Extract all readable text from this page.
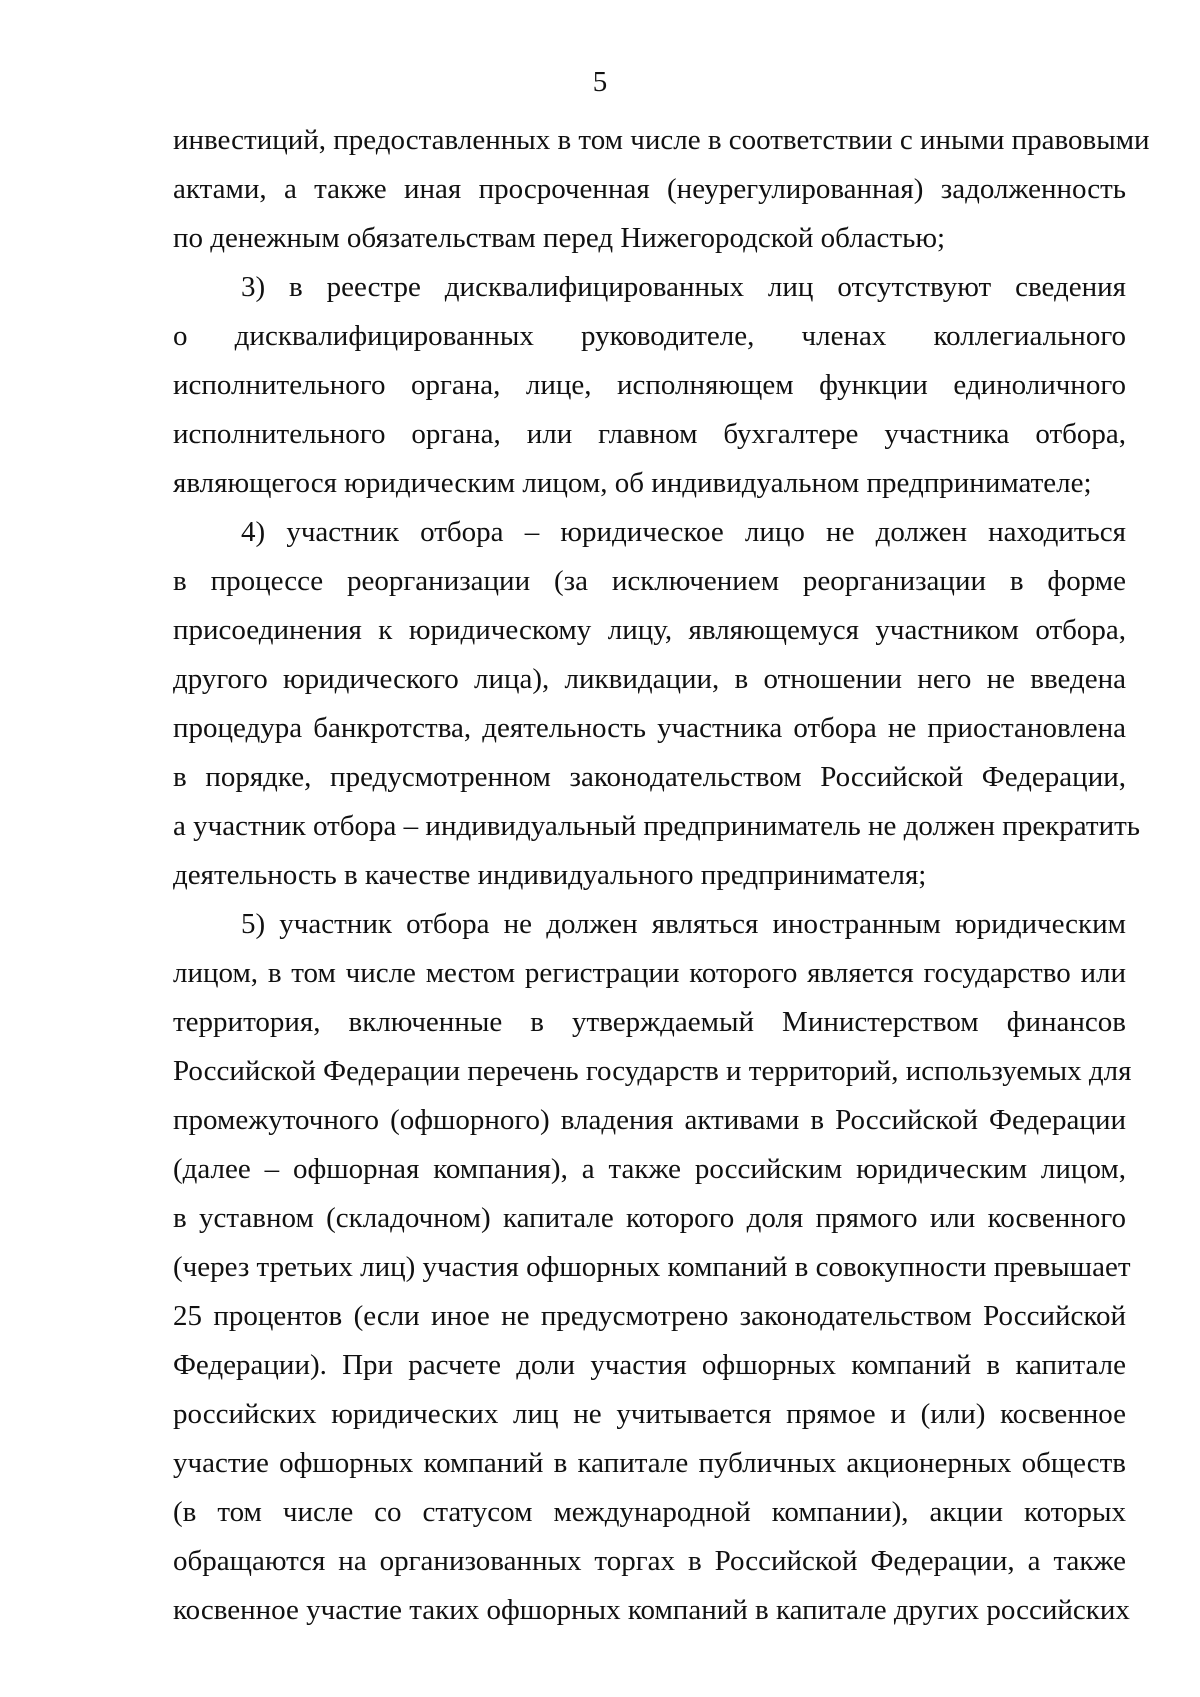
5
инвестиций, предоставленных в том числе в соответствии с иными правовыми
актами, а также иная просроченная (неурегулированная) задолженность
по денежным обязательствам перед Нижегородской областью;
3) в реестре дисквалифицированных лиц отсутствуют сведения
о дисквалифицированных руководителе, членах коллегиального
исполнительного органа, лице, исполняющем функции единоличного
исполнительного органа, или главном бухгалтере участника отбора,
являющегося юридическим лицом, об индивидуальном предпринимателе;
4) участник отбора – юридическое лицо не должен находиться
в процессе реорганизации (за исключением реорганизации в форме
присоединения к юридическому лицу, являющемуся участником отбора,
другого юридического лица), ликвидации, в отношении него не введена
процедура банкротства, деятельность участника отбора не приостановлена
в порядке, предусмотренном законодательством Российской Федерации,
а участник отбора – индивидуальный предприниматель не должен прекратить
деятельность в качестве индивидуального предпринимателя;
5) участник отбора не должен являться иностранным юридическим
лицом, в том числе местом регистрации которого является государство или
территория, включенные в утверждаемый Министерством финансов
Российской Федерации перечень государств и территорий, используемых для
промежуточного (офшорного) владения активами в Российской Федерации
(далее – офшорная компания), а также российским юридическим лицом,
в уставном (складочном) капитале которого доля прямого или косвенного
(через третьих лиц) участия офшорных компаний в совокупности превышает
25 процентов (если иное не предусмотрено законодательством Российской
Федерации). При расчете доли участия офшорных компаний в капитале
российских юридических лиц не учитывается прямое и (или) косвенное
участие офшорных компаний в капитале публичных акционерных обществ
(в том числе со статусом международной компании), акции которых
обращаются на организованных торгах в Российской Федерации, а также
косвенное участие таких офшорных компаний в капитале других российских
